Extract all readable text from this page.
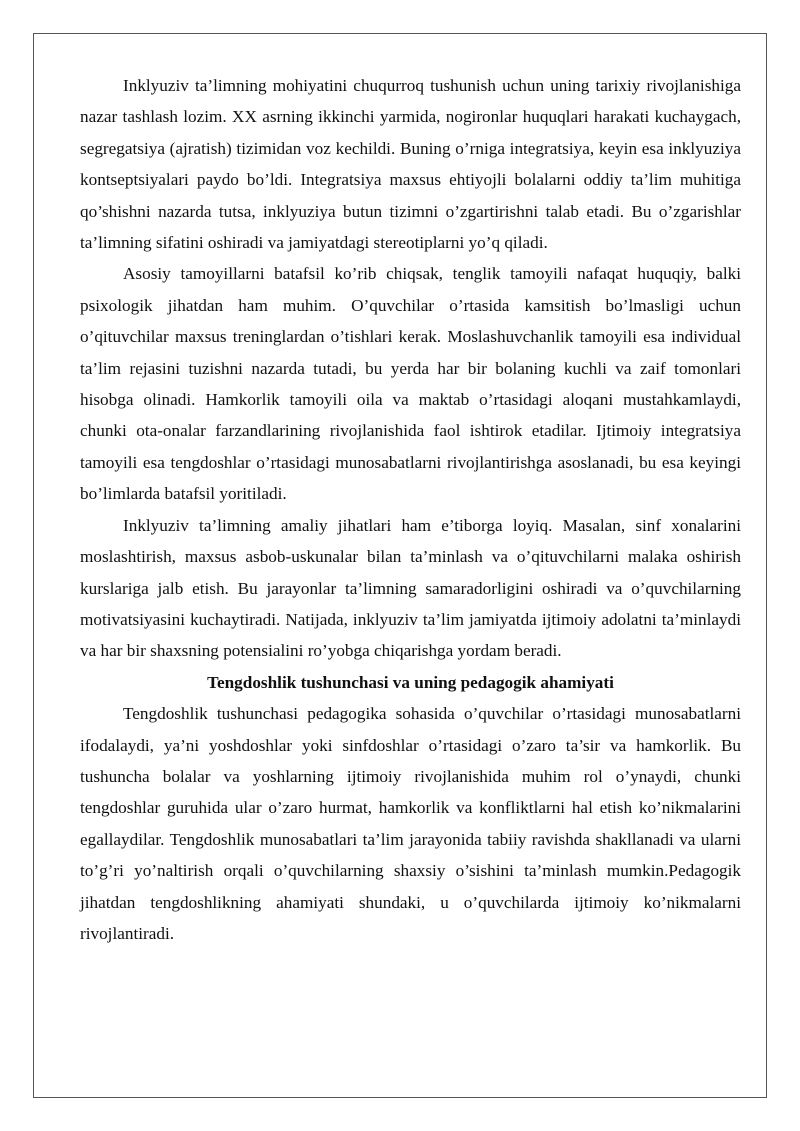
Inklyuziv ta’limning mohiyatini chuqurroq tushunish uchun uning tarixiy rivojlanishiga nazar tashlash lozim. XX asrning ikkinchi yarmida, nogironlar huquqlari harakati kuchaygach, segregatsiya (ajratish) tizimidan voz kechildi. Buning o’rniga integratsiya, keyin esa inklyuziya kontseptsiyalari paydo bo’ldi. Integratsiya maxsus ehtiyojli bolalarni oddiy ta’lim muhitiga qo’shishni nazarda tutsa, inklyuziya butun tizimni o’zgartirishni talab etadi. Bu o’zgarishlar ta’limning sifatini oshiradi va jamiyatdagi stereotiplarni yo’q qiladi.

Asosiy tamoyillarni batafsil ko’rib chiqsak, tenglik tamoyili nafaqat huquqiy, balki psixologik jihatdan ham muhim. O’quvchilar o’rtasida kamsitish bo’lmasligi uchun o’qituvchilar maxsus treninglardan o’tishlari kerak. Moslashuvchanlik tamoyili esa individual ta’lim rejasini tuzishni nazarda tutadi, bu yerda har bir bolaning kuchli va zaif tomonlari hisobga olinadi. Hamkorlik tamoyili oila va maktab o’rtasidagi aloqani mustahkamlaydi, chunki ota-onalar farzandlarining rivojlanishida faol ishtirok etadilar. Ijtimoiy integratsiya tamoyili esa tengdoshlar o’rtasidagi munosabatlarni rivojlantirishga asoslanadi, bu esa keyingi bo’limlarda batafsil yoritiladi.

Inklyuziv ta’limning amaliy jihatlari ham e’tiborga loyiq. Masalan, sinf xonalarini moslashtirish, maxsus asbob-uskunalar bilan ta’minlash va o’qituvchilarni malaka oshirish kurslariga jalb etish. Bu jarayonlar ta’limning samaradorligini oshiradi va o’quvchilarning motivatsiyasini kuchaytiradi. Natijada, inklyuziv ta’lim jamiyatda ijtimoiy adolatni ta’minlaydi va har bir shaxsning potensialini ro’yobga chiqarishga yordam beradi.

Tengdoshlik tushunchasi va uning pedagogik ahamiyati

Tengdoshlik tushunchasi pedagogika sohasida o’quvchilar o’rtasidagi munosabatlarni ifodalaydi, ya’ni yoshdoshlar yoki sinfdoshlar o’rtasidagi o’zaro ta’sir va hamkorlik. Bu tushuncha bolalar va yoshlarning ijtimoiy rivojlanishida muhim rol o’ynaydi, chunki tengdoshlar guruhida ular o’zaro hurmat, hamkorlik va konfliktlarni hal etish ko’nikmalarini egallaydilar. Tengdoshlik munosabatlari ta’lim jarayonida tabiiy ravishda shakllanadi va ularni to’g’ri yo’naltirish orqali o’quvchilarning shaxsiy o’sishini ta’minlash mumkin.Pedagogik jihatdan tengdoshlikning ahamiyati shundaki, u o’quvchilarda ijtimoiy ko’nikmalarni rivojlantiradi.
